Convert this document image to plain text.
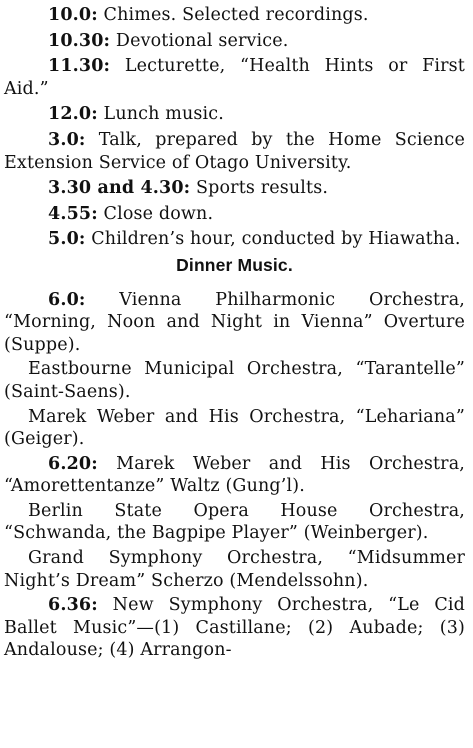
10.0: Chimes. Selected recordings.

10.30: Devotional service.

11.30: Lecturette, “Health Hints or First Aid.”

12.0: Lunch music.

3.0: Talk, prepared by the Home Science Extension Service of Otago University.

3.30 and 4.30: Sports results.

4.55: Close down.

5.0: Children’s hour, conducted by Hiawatha.

Dinner Music.

6.0: Vienna Philharmonic Orchestra, “Morning, Noon and Night in Vienna” Overture (Suppe).

Eastbourne Municipal Orchestra, “Tarantelle” (Saint-Saens).

Marek Weber and His Orchestra, “Lehariana” (Geiger).

6.20: Marek Weber and His Orchestra, “Amorettentanze” Waltz (Gung’l).

Berlin State Opera House Orchestra, “Schwanda, the Bagpipe Player” (Weinberger).

Grand Symphony Orchestra, “Midsummer Night’s Dream” Scherzo (Mendelssohn).

6.36: New Symphony Orchestra, “Le Cid Ballet Music”—(1) Castillane; (2) Aubade; (3) Andalouse; (4) Arrangon-
